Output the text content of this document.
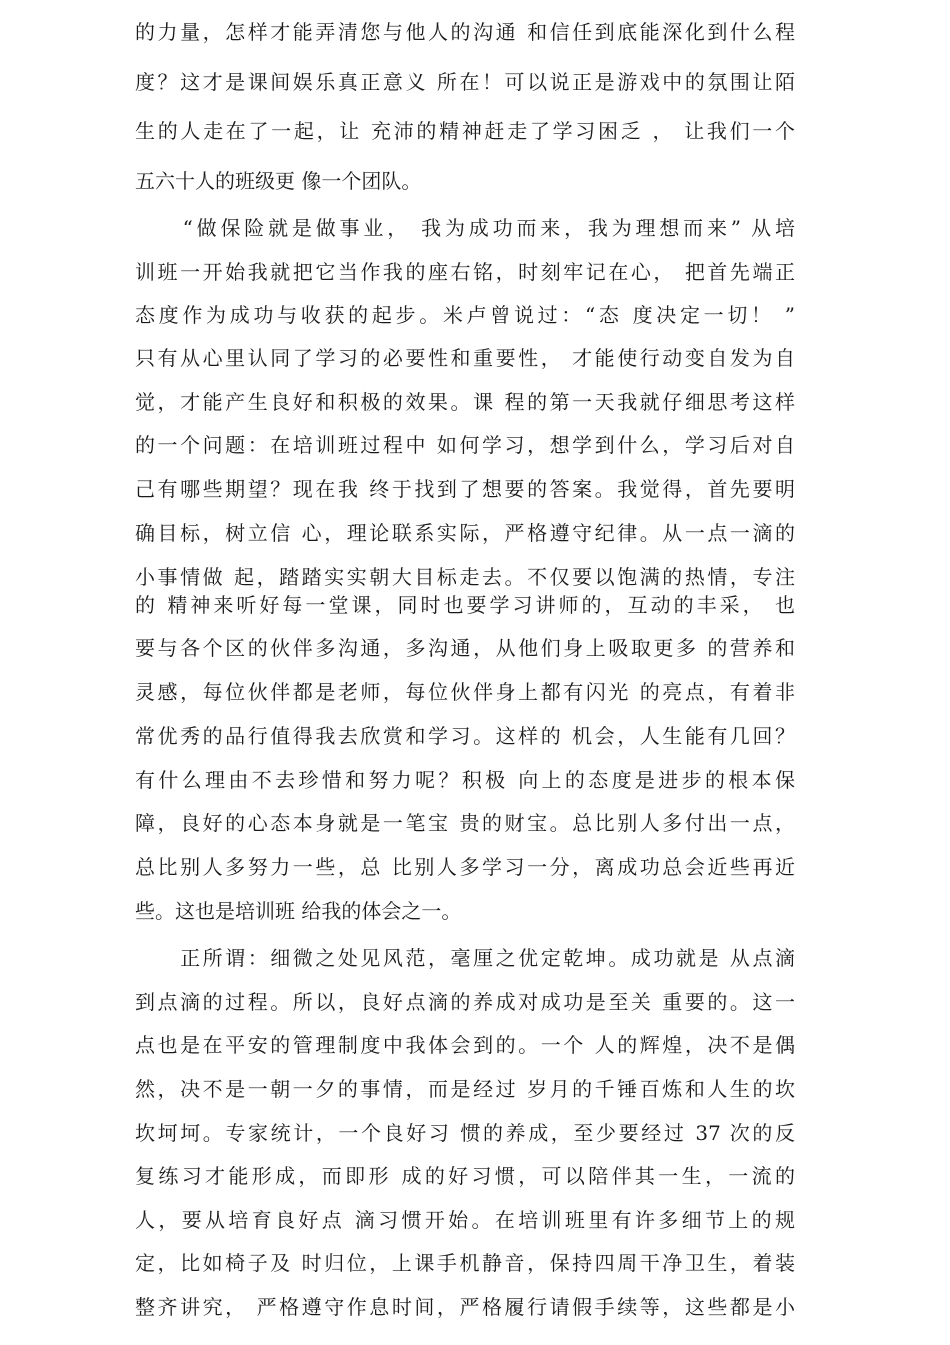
的力量，怎样才能弄清您与他人的沟通 和信任到底能深化到什么程
度？这才是课间娱乐真正意义 所在！可以说正是游戏中的氛围让陌
生的人走在了一起，让 充沛的精神赶走了学习困乏 ， 让我们一个
五六十人的班级更 像一个团队。
　　“做保险就是做事业， 我为成功而来，我为理想而来” 从培
训班一开始我就把它当作我的座右铭，时刻牢记在心， 把首先端正
态度作为成功与收获的起步。米卢曾说过：“态 度决定一切！ ”
只有从心里认同了学习的必要性和重要性， 才能使行动变自发为自
觉，才能产生良好和积极的效果。课 程的第一天我就仔细思考这样
的一个问题：在培训班过程中 如何学习，想学到什么，学习后对自
己有哪些期望？现在我 终于找到了想要的答案。我觉得，首先要明
确目标，树立信 心，理论联系实际，严格遵守纪律。从一点一滴的
小事情做 起，踏踏实实朝大目标走去。不仅要以饱满的热情，专注
的 精神来听好每一堂课，同时也要学习讲师的，互动的丰采， 也
要与各个区的伙伴多沟通，多沟通，从他们身上吸取更多 的营养和
灵感，每位伙伴都是老师，每位伙伴身上都有闪光 的亮点，有着非
常优秀的品行值得我去欣赏和学习。这样的 机会，人生能有几回？
有什么理由不去珍惜和努力呢？积极 向上的态度是进步的根本保
障，良好的心态本身就是一笔宝 贵的财宝。总比别人多付出一点，
总比别人多努力一些，总 比别人多学习一分，离成功总会近些再近
些。这也是培训班 给我的体会之一。
　　正所谓：细微之处见风范，毫厘之优定乾坤。成功就是 从点滴
到点滴的过程。所以，良好点滴的养成对成功是至关 重要的。这一
点也是在平安的管理制度中我体会到的。一个 人的辉煌，决不是偶
然，决不是一朝一夕的事情，而是经过 岁月的千锤百炼和人生的坎
坎坷坷。专家统计，一个良好习 惯的养成，至少要经过 37 次的反
复练习才能形成，而即形 成的好习惯，可以陪伴其一生，一流的
人，要从培育良好点 滴习惯开始。在培训班里有许多细节上的规
定，比如椅子及 时归位，上课手机静音，保持四周干净卫生，着装
整齐讲究， 严格遵守作息时间，严格履行请假手续等，这些都是小
